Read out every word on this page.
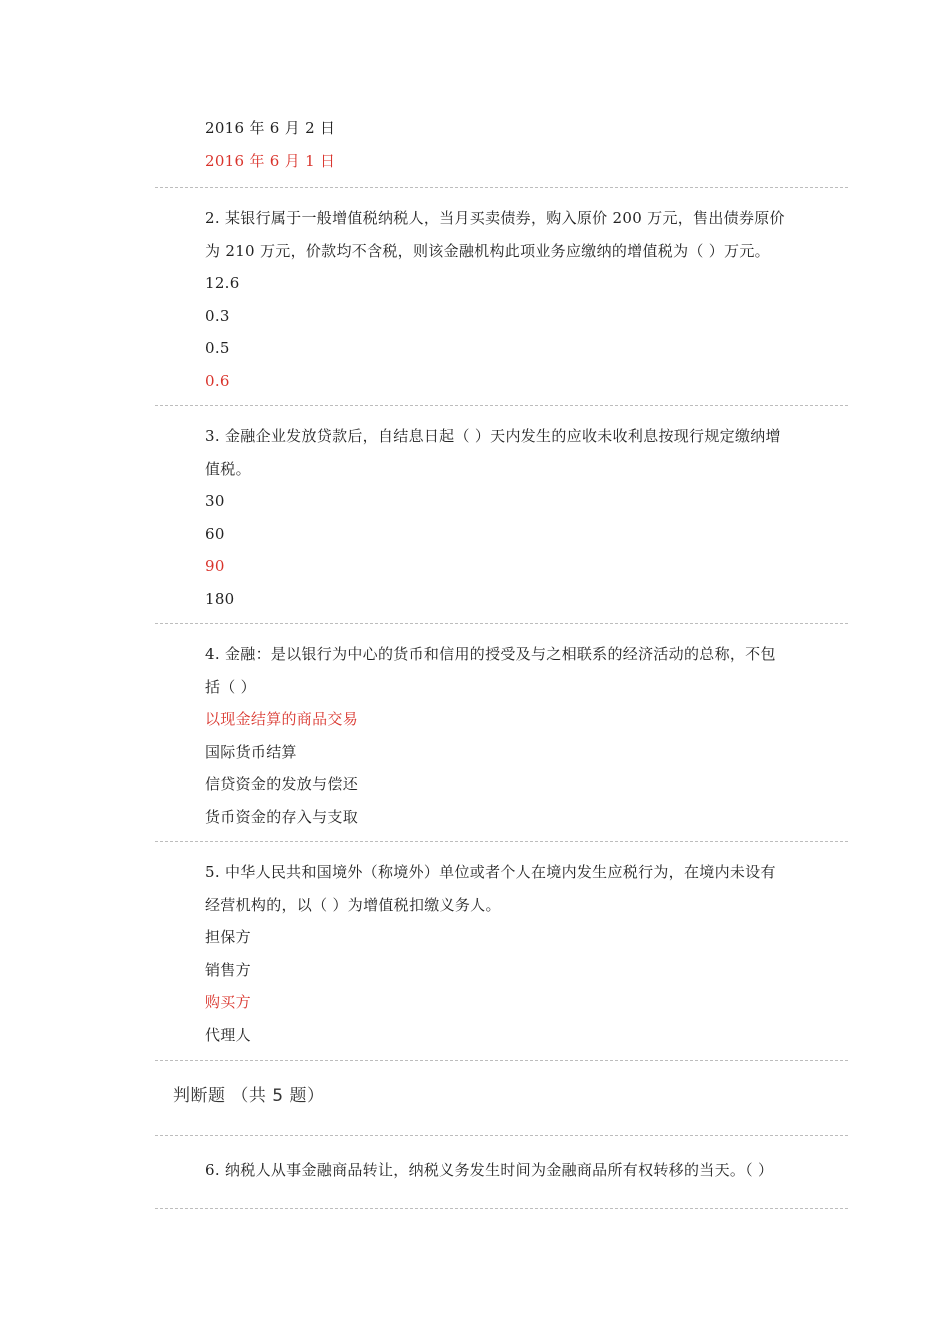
2016 年 6 月 2 日
2016 年 6 月 1 日
2. 某银行属于一般增值税纳税人，当月买卖债券，购入原价 200 万元，售出债券原价
为 210 万元，价款均不含税，则该金融机构此项业务应缴纳的增值税为（ ）万元。
12.6
0.3
0.5
0.6
3. 金融企业发放贷款后，自结息日起（ ）天内发生的应收未收利息按现行规定缴纳增
值税。
30
60
90
180
4. 金融：是以银行为中心的货币和信用的授受及与之相联系的经济活动的总称，不包
括（ ）
以现金结算的商品交易
国际货币结算
信贷资金的发放与偿还
货币资金的存入与支取
5. 中华人民共和国境外（称境外）单位或者个人在境内发生应税行为，在境内未设有
经营机构的，以（ ）为增值税扣缴义务人。
担保方
销售方
购买方
代理人
判断题 （共 5 题）
6. 纳税人从事金融商品转让，纳税义务发生时间为金融商品所有权转移的当天。（ ）
